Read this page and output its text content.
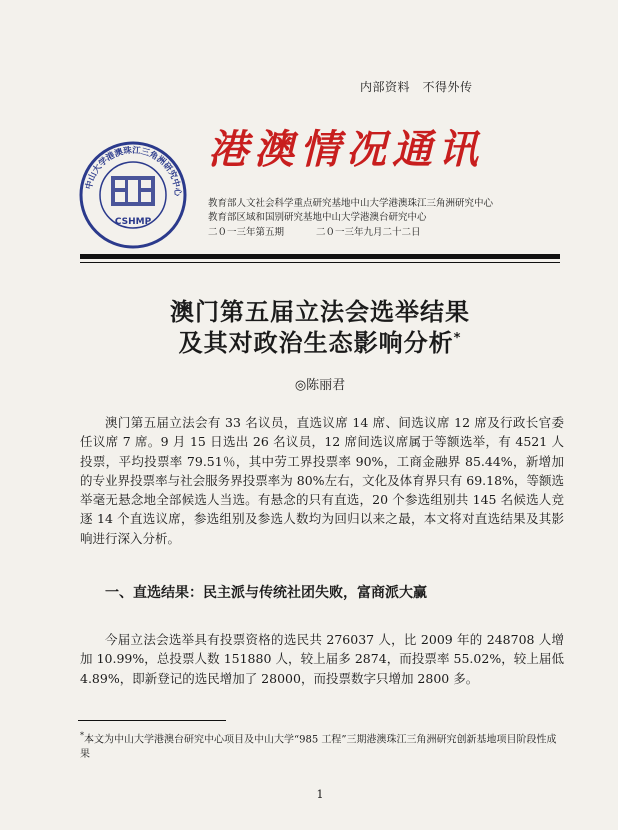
内部资料　不得外传
中山大学港澳珠江三角洲研究中心
CSHMP
港澳情况通讯
教育部人文社会科学重点研究基地中山大学港澳珠江三角洲研究中心
教育部区域和国别研究基地中山大学港澳台研究中心
二０一三年第五期	二０一三年九月二十二日
澳门第五届立法会选举结果
及其对政治生态影响分析*
◎陈丽君

澳门第五届立法会有 33 名议员，直选议席 14 席、间选议席 12 席及行政长官委任议席 7 席。9 月 15 日选出 26 名议员，12 席间选议席属于等额选举，有 4521 人投票，平均投票率 79.51％，其中劳工界投票率 90%，工商金融界 85.44%，新增加的专业界投票率与社会服务界投票率为 80%左右，文化及体育界只有 69.18%，等额选举毫无悬念地全部候选人当选。有悬念的只有直选，20 个参选组别共 145 名候选人竞逐 14 个直选议席，参选组别及参选人数均为回归以来之最，本文将对直选结果及其影响进行深入分析。

一、直选结果：民主派与传统社团失败，富商派大赢

今届立法会选举具有投票资格的选民共 276037 人，比 2009 年的 248708 人增加 10.99%，总投票人数 151880 人，较上届多 2874，而投票率 55.02%，较上届低 4.89%，即新登记的选民增加了 28000，而投票数字只增加 2800 多。

*本文为中山大学港澳台研究中心项目及中山大学“985 工程”三期港澳珠江三角洲研究创新基地项目阶段性成果

1
